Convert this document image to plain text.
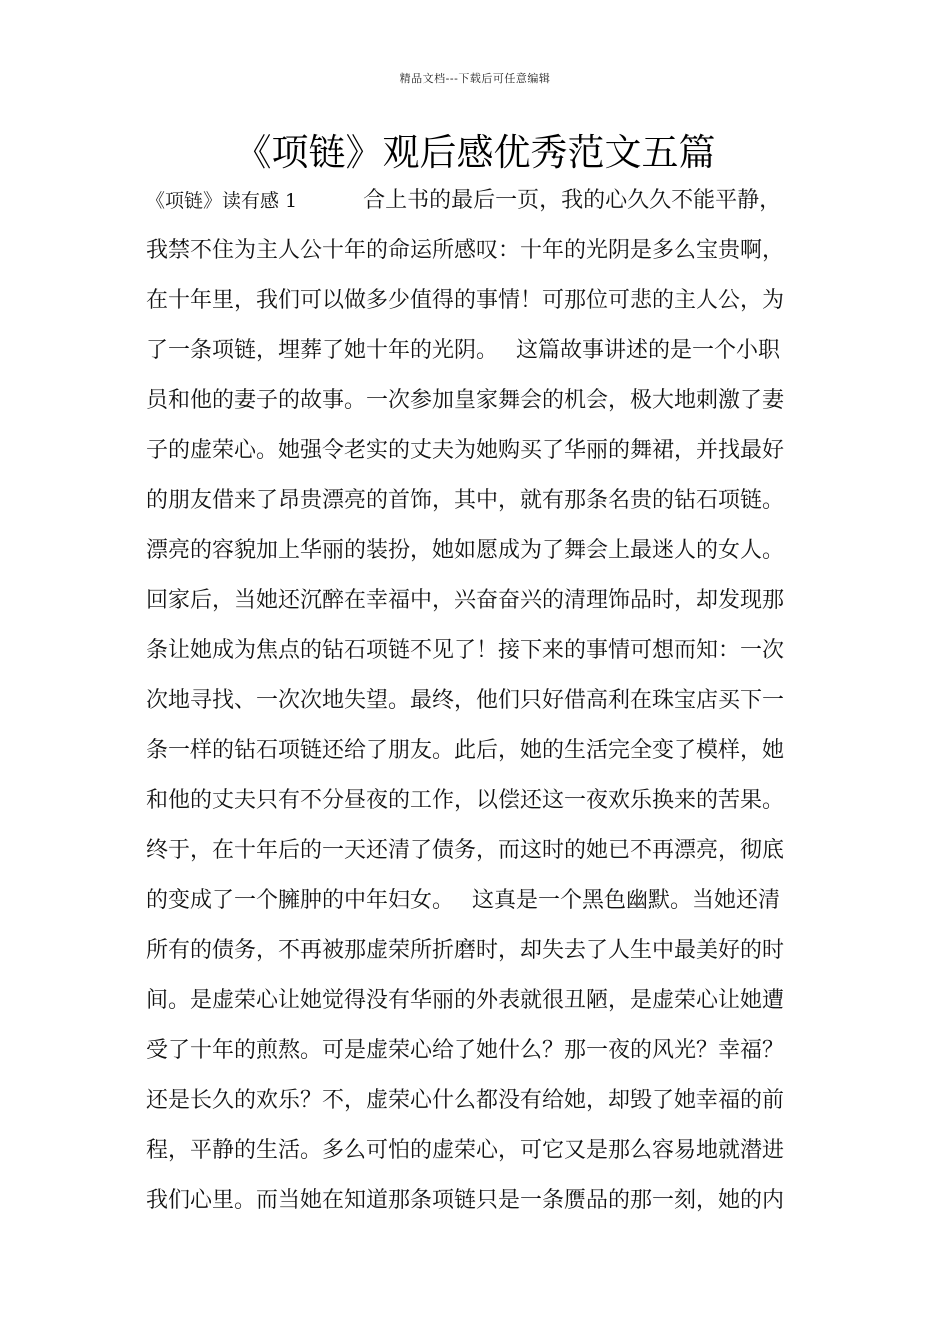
精品文档---下载后可任意编辑
《项链》观后感优秀范文五篇
《项链》读有感 1　　　	合上书的最后一页，我的心久久不能平静，
我禁不住为主人公十年的命运所感叹：十年的光阴是多么宝贵啊，
在十年里，我们可以做多少值得的事情！可那位可悲的主人公，为
了一条项链，埋葬了她十年的光阴。　 这篇故事讲述的是一个小职
员和他的妻子的故事。一次参加皇家舞会的机会，极大地刺激了妻
子的虚荣心。她强令老实的丈夫为她购买了华丽的舞裙，并找最好
的朋友借来了昂贵漂亮的首饰，其中，就有那条名贵的钻石项链。
漂亮的容貌加上华丽的装扮，她如愿成为了舞会上最迷人的女人。
回家后，当她还沉醉在幸福中，兴奋奋兴的清理饰品时，却发现那
条让她成为焦点的钻石项链不见了！接下来的事情可想而知：一次
次地寻找、一次次地失望。最终，他们只好借高利在珠宝店买下一
条一样的钻石项链还给了朋友。此后，她的生活完全变了模样，她
和他的丈夫只有不分昼夜的工作，以偿还这一夜欢乐换来的苦果。
终于，在十年后的一天还清了债务，而这时的她已不再漂亮，彻底
的变成了一个臃肿的中年妇女。　 这真是一个黑色幽默。当她还清
所有的债务，不再被那虚荣所折磨时，却失去了人生中最美好的时
间。是虚荣心让她觉得没有华丽的外表就很丑陋，是虚荣心让她遭
受了十年的煎熬。可是虚荣心给了她什么？那一夜的风光？幸福？
还是长久的欢乐？不，虚荣心什么都没有给她，却毁了她幸福的前
程，平静的生活。多么可怕的虚荣心，可它又是那么容易地就潜进
我们心里。而当她在知道那条项链只是一条赝品的那一刻，她的内
